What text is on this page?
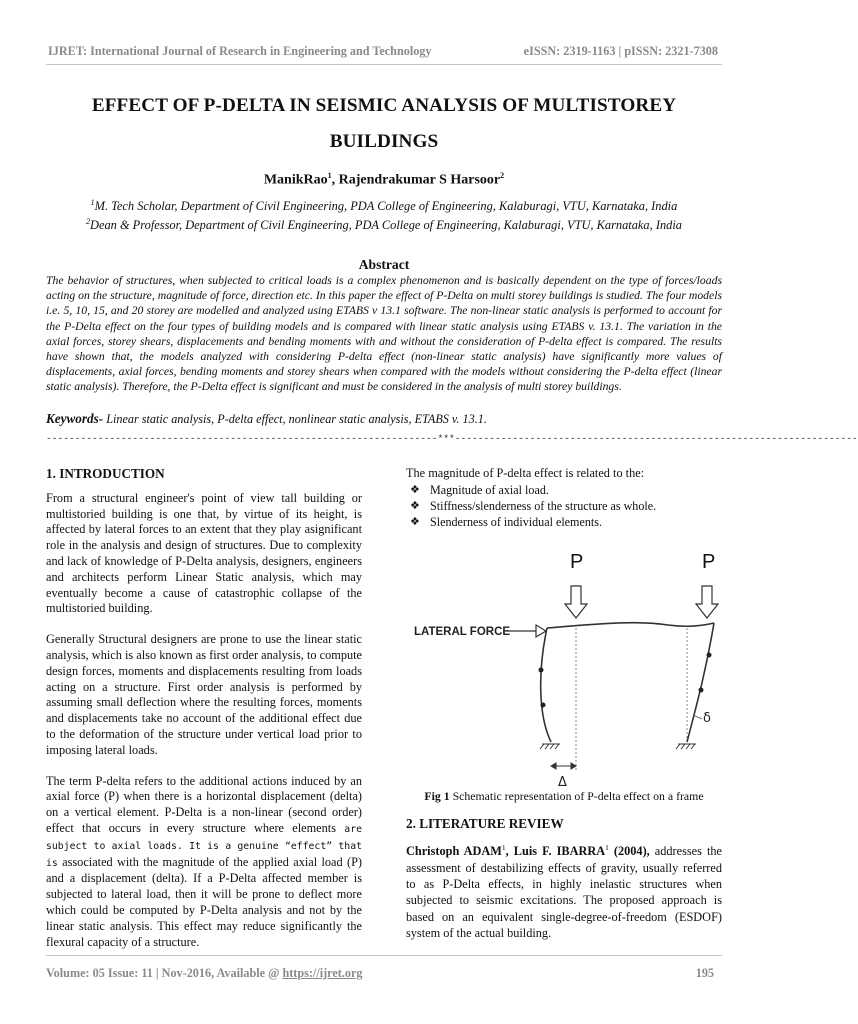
IJRET: International Journal of Research in Engineering and Technology	eISSN: 2319-1163 | pISSN: 2321-7308
EFFECT OF P-DELTA IN SEISMIC ANALYSIS OF MULTISTOREY
BUILDINGS
ManikRao$^1$, Rajendrakumar S Harsoor$^2$
$^1$M. Tech Scholar, Department of Civil Engineering, PDA College of Engineering, Kalaburagi, VTU, Karnataka, India
$^2$Dean & Professor, Department of Civil Engineering, PDA College of Engineering, Kalaburagi, VTU, Karnataka, India
Abstract
The behavior of structures, when subjected to critical loads is a complex phenomenon and is basically dependent on the type of forces/loads acting on the structure, magnitude of force, direction etc. In this paper the effect of P-Delta on multi storey buildings is studied. The four models i.e. 5, 10, 15, and 20 storey are modelled and analyzed using ETABS v 13.1 software. The non-linear static analysis is performed to account for the P-Delta effect on the four types of building models and is compared with linear static analysis using ETABS v. 13.1. The variation in the axial forces, storey shears, displacements and bending moments with and without the consideration of P-delta effect is compared. The results have shown that, the models analyzed with considering P-delta effect (non-linear static analysis) have significantly more values of displacements, axial forces, bending moments and storey shears when compared with the models without considering the P-delta effect (linear static analysis). Therefore, the P-Delta effect is significant and must be considered in the analysis of multi storey buildings.
Keywords- Linear static analysis, P-delta effect, nonlinear static analysis, ETABS v. 13.1.
--------------------------------------------------------------------***----------------------------------------------------------------------

1. INTRODUCTION

From a structural engineer's point of view tall building or multistoried building is one that, by virtue of its height, is affected by lateral forces to an extent that they play asignificant role in the analysis and design of structures. Due to complexity and lack of knowledge of P-Delta analysis, designers, engineers and architects perform Linear Static analysis, which may eventually become a cause of catastrophic collapse of the multistoried building.

Generally Structural designers are prone to use the linear static analysis, which is also known as first order analysis, to compute design forces, moments and displacements resulting from loads acting on a structure. First order analysis is performed by assuming small deflection where the resulting forces, moments and displacements take no account of the additional effect due to the deformation of the structure under vertical load prior to imposing lateral loads.

The term P-delta refers to the additional actions induced by an axial force (P) when there is a horizontal displacement (delta) on a vertical element. P-Delta is a non-linear (second order) effect that occurs in every structure where elements are subject to axial loads. It is a genuine “effect” that is associated with the magnitude of the applied axial load (P) and a displacement (delta). If a P-Delta affected member is subjected to lateral load, then it will be prone to deflect more which could be computed by P-Delta analysis and not by the linear static analysis. This effect may reduce significantly the flexural capacity of a structure.

The magnitude of P-delta effect is related to the:
❖ Magnitude of axial load.
❖ Stiffness/slenderness of the structure as whole.
❖ Slenderness of individual elements.
P	P
LATERAL FORCE
δ
Δ
Fig 1 Schematic representation of P-delta effect on a frame
2. LITERATURE REVIEW
Christoph ADAM$^1$, Luis F. IBARRA$^1$ (2004), addresses the assessment of destabilizing effects of gravity, usually referred to as P-Delta effects, in highly inelastic structures when subjected to seismic excitations. The proposed approach is based on an equivalent single-degree-of-freedom (ESDOF) system of the actual building.
Volume: 05 Issue: 11 | Nov-2016, Available @ https://ijret.org	195
